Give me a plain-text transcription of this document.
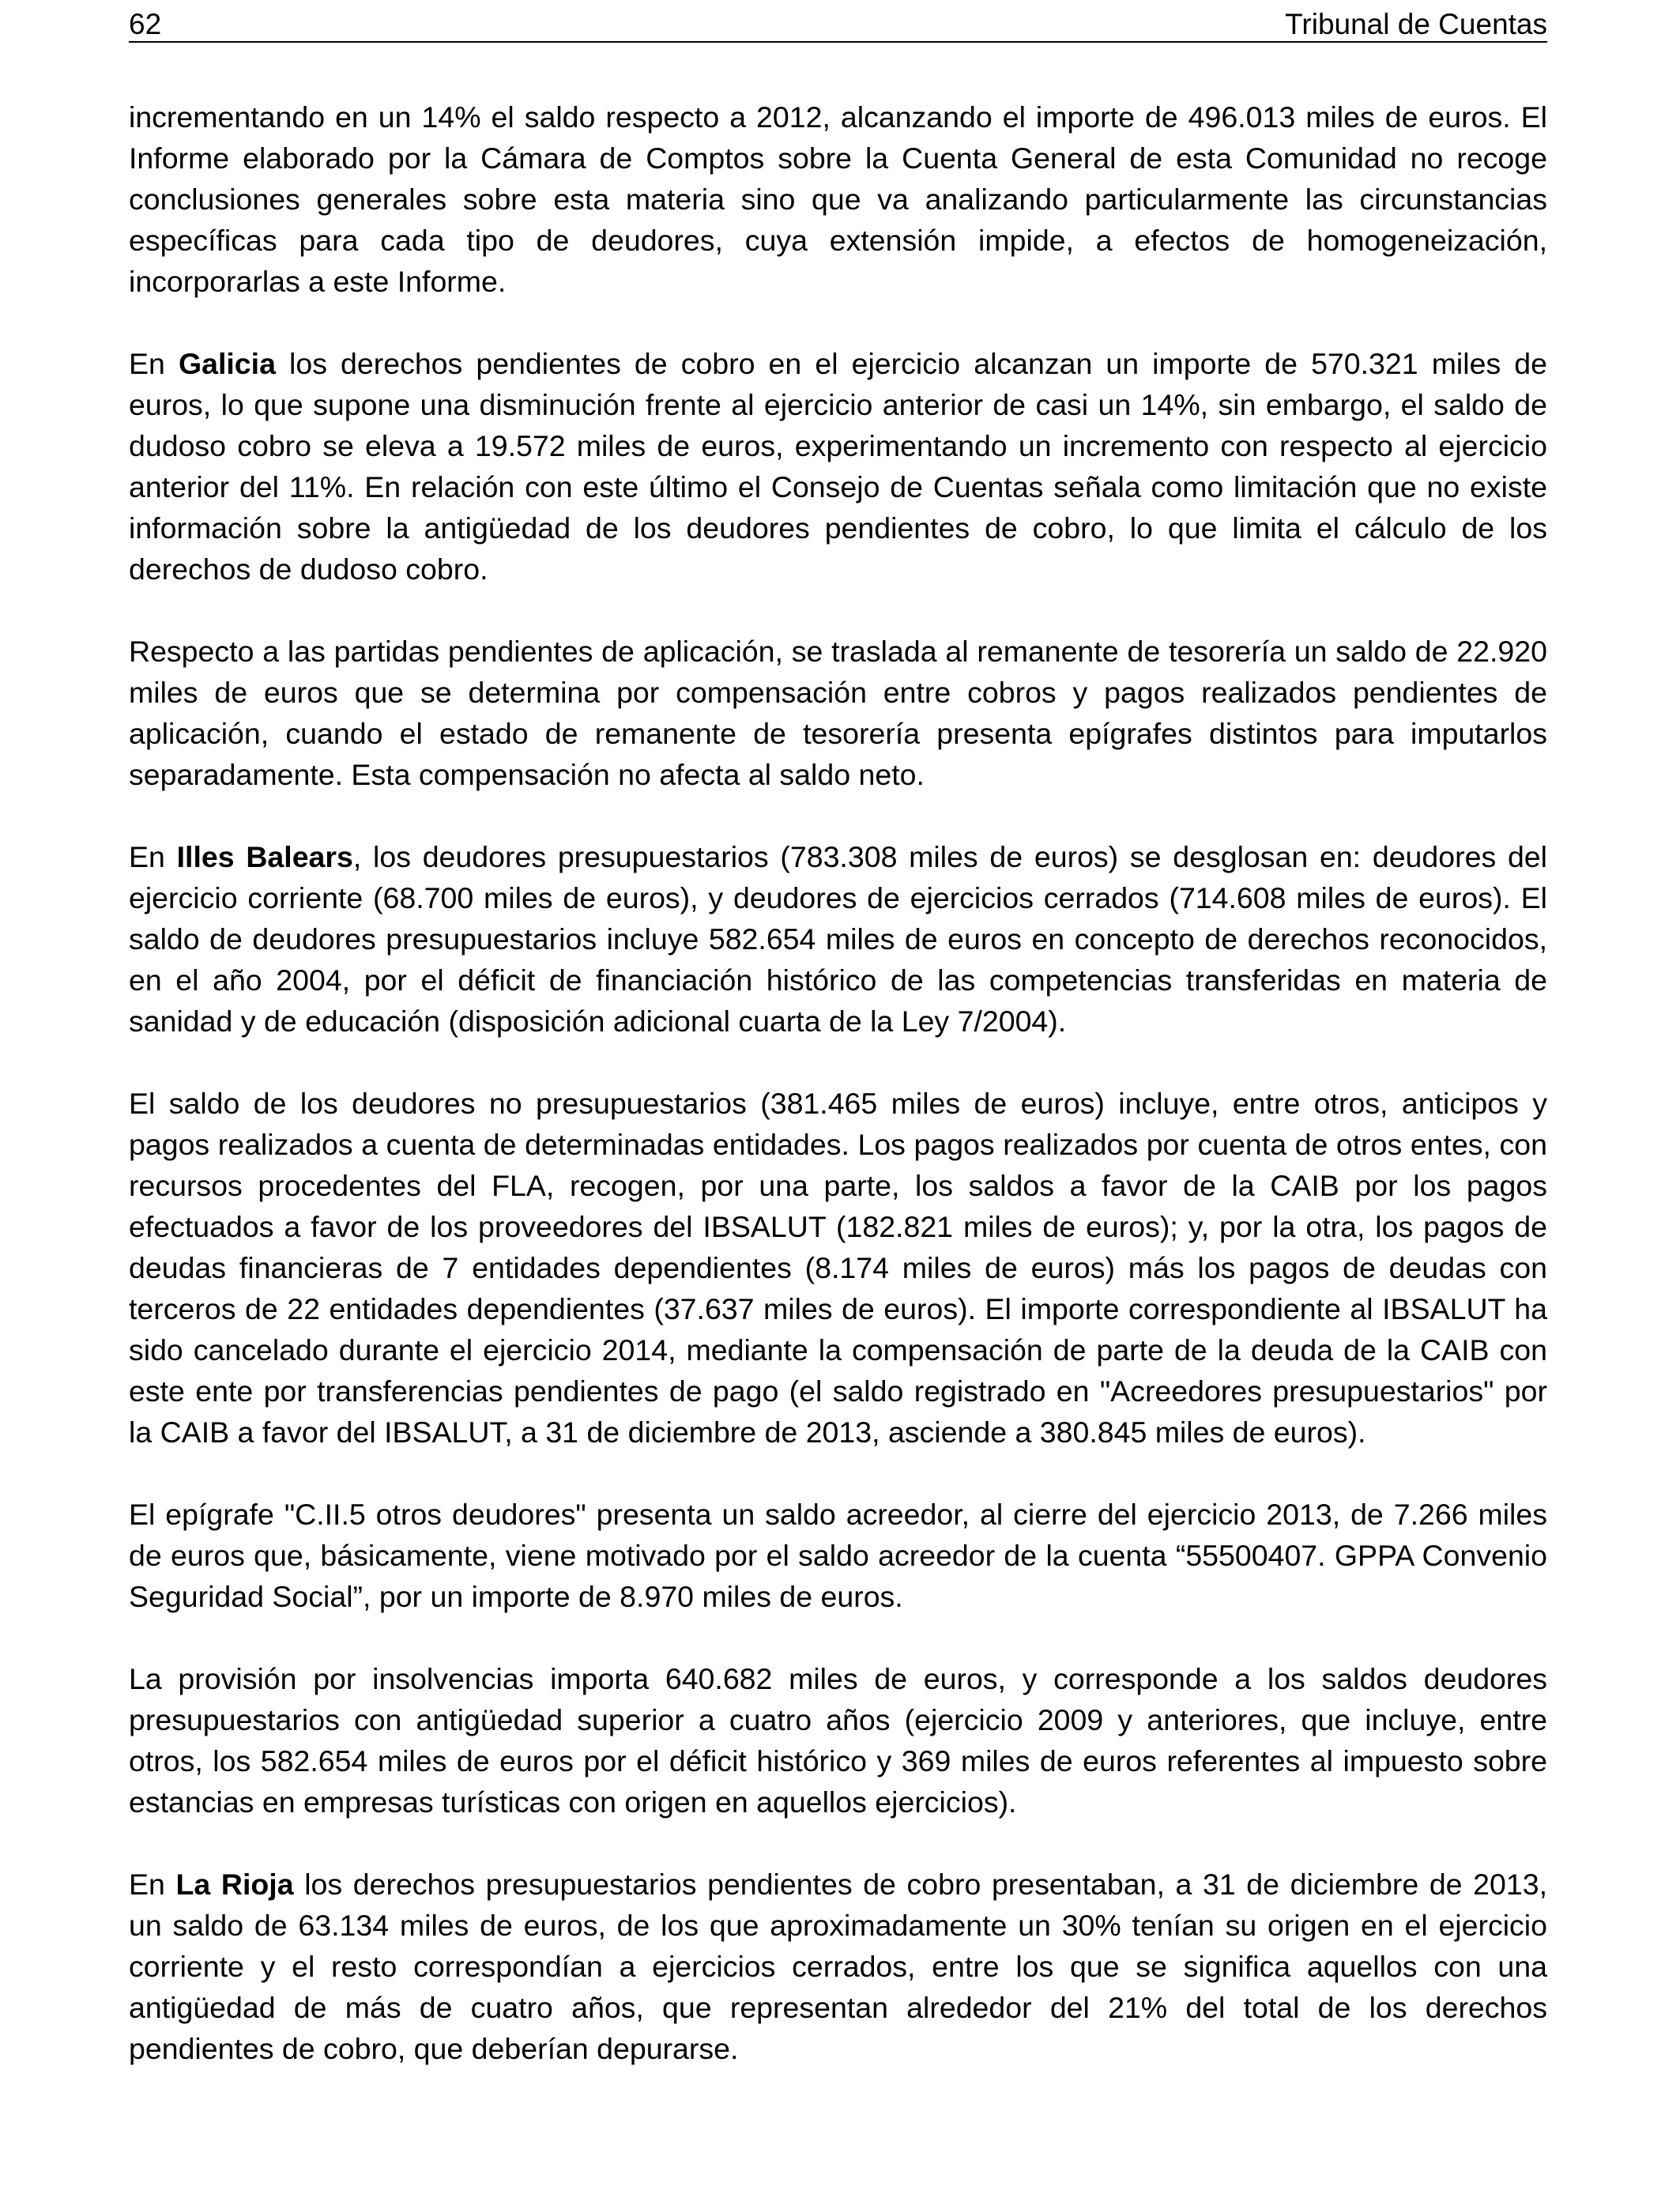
62	Tribunal de Cuentas

incrementando en un 14% el saldo respecto a 2012, alcanzando el importe de 496.013 miles de euros. El Informe elaborado por la Cámara de Comptos sobre la Cuenta General de esta Comunidad no recoge conclusiones generales sobre esta materia sino que va analizando particularmente las circunstancias específicas para cada tipo de deudores, cuya extensión impide, a efectos de homogeneización, incorporarlas a este Informe.

En Galicia los derechos pendientes de cobro en el ejercicio alcanzan un importe de 570.321 miles de euros, lo que supone una disminución frente al ejercicio anterior de casi un 14%, sin embargo, el saldo de dudoso cobro se eleva a 19.572 miles de euros, experimentando un incremento con respecto al ejercicio anterior del 11%. En relación con este último el Consejo de Cuentas señala como limitación que no existe información sobre la antigüedad de los deudores pendientes de cobro, lo que limita el cálculo de los derechos de dudoso cobro.

Respecto a las partidas pendientes de aplicación, se traslada al remanente de tesorería un saldo de 22.920 miles de euros que se determina por compensación entre cobros y pagos realizados pendientes de aplicación, cuando el estado de remanente de tesorería presenta epígrafes distintos para imputarlos separadamente. Esta compensación no afecta al saldo neto.

En Illes Balears, los deudores presupuestarios (783.308 miles de euros) se desglosan en: deudores del ejercicio corriente (68.700 miles de euros), y deudores de ejercicios cerrados (714.608 miles de euros). El saldo de deudores presupuestarios incluye 582.654 miles de euros en concepto de derechos reconocidos, en el año 2004, por el déficit de financiación histórico de las competencias transferidas en materia de sanidad y de educación (disposición adicional cuarta de la Ley 7/2004).

El saldo de los deudores no presupuestarios (381.465 miles de euros) incluye, entre otros, anticipos y pagos realizados a cuenta de determinadas entidades. Los pagos realizados por cuenta de otros entes, con recursos procedentes del FLA, recogen, por una parte, los saldos a favor de la CAIB por los pagos efectuados a favor de los proveedores del IBSALUT (182.821 miles de euros); y, por la otra, los pagos de deudas financieras de 7 entidades dependientes (8.174 miles de euros) más los pagos de deudas con terceros de 22 entidades dependientes (37.637 miles de euros). El importe correspondiente al IBSALUT ha sido cancelado durante el ejercicio 2014, mediante la compensación de parte de la deuda de la CAIB con este ente por transferencias pendientes de pago (el saldo registrado en "Acreedores presupuestarios" por la CAIB a favor del IBSALUT, a 31 de diciembre de 2013, asciende a 380.845 miles de euros).

El epígrafe "C.II.5 otros deudores" presenta un saldo acreedor, al cierre del ejercicio 2013, de 7.266 miles de euros que, básicamente, viene motivado por el saldo acreedor de la cuenta “55500407. GPPA Convenio Seguridad Social”, por un importe de 8.970 miles de euros.

La provisión por insolvencias importa 640.682 miles de euros, y corresponde a los saldos deudores presupuestarios con antigüedad superior a cuatro años (ejercicio 2009 y anteriores, que incluye, entre otros, los 582.654 miles de euros por el déficit histórico y 369 miles de euros referentes al impuesto sobre estancias en empresas turísticas con origen en aquellos ejercicios).

En La Rioja los derechos presupuestarios pendientes de cobro presentaban, a 31 de diciembre de 2013, un saldo de 63.134 miles de euros, de los que aproximadamente un 30% tenían su origen en el ejercicio corriente y el resto correspondían a ejercicios cerrados, entre los que se significa aquellos con una antigüedad de más de cuatro años, que representan alrededor del 21% del total de los derechos pendientes de cobro, que deberían depurarse.
